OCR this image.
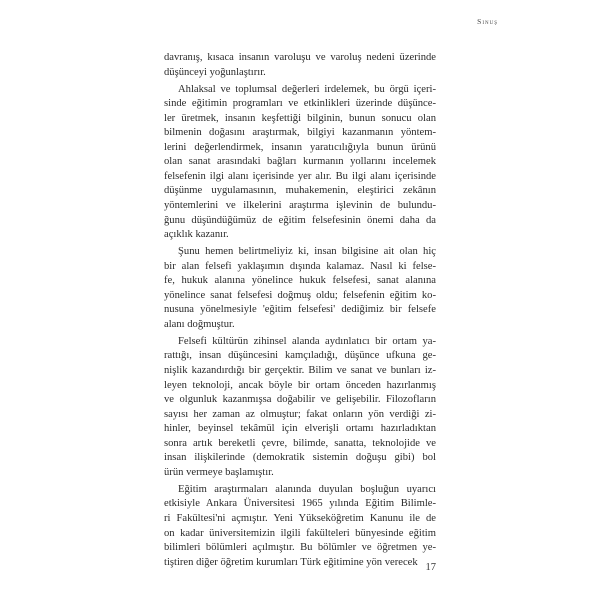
Sınuş
davranış, kısaca insanın varoluşu ve varoluş nedeni üzerinde
düşünceyi yoğunlaştırır.
Ahlaksal ve toplumsal değerleri irdelemek, bu örgü içeri-
sinde eğitimin programları ve etkinlikleri üzerinde düşünce-
ler üretmek, insanın keşfettiği bilginin, bunun sonucu olan
bilmenin doğasını araştırmak, bilgiyi kazanmanın yöntem-
lerini değerlendirmek, insanın yaratıcılığıyla bunun ürünü
olan sanat arasındaki bağları kurmanın yollarını incelemek
felsefenin ilgi alanı içerisinde yer alır. Bu ilgi alanı içerisinde
düşünme uygulamasının, muhakemenin, eleştirici zekânın
yöntemlerini ve ilkelerini araştırma işlevinin de bulundu-
ğunu düşündüğümüz de eğitim felsefesinin önemi daha da
açıklık kazanır.
Şunu hemen belirtmeliyiz ki, insan bilgisine ait olan hiç
bir alan felsefi yaklaşımın dışında kalamaz. Nasıl ki felse-
fe, hukuk alanına yönelince hukuk felsefesi, sanat alanına
yönelince sanat felsefesi doğmuş oldu; felsefenin eğitim ko-
nusuna yönelmesiyle 'eğitim felsefesi' dediğimiz bir felsefe
alanı doğmuştur.
Felsefi kültürün zihinsel alanda aydınlatıcı bir ortam ya-
rattığı, insan düşüncesini kamçıladığı, düşünce ufkuna ge-
nişlik kazandırdığı bir gerçektir. Bilim ve sanat ve bunları iz-
leyen teknoloji, ancak böyle bir ortam önceden hazırlanmış
ve olgunluk kazanmışsa doğabilir ve gelişebilir. Filozofların
sayısı her zaman az olmuştur; fakat onların yön verdiği zi-
hinler, beyinsel tekâmül için elverişli ortamı hazırladıktan
sonra artık bereketli çevre, bilimde, sanatta, teknolojide ve
insan ilişkilerinde (demokratik sistemin doğuşu gibi) bol
ürün vermeye başlamıştır.
Eğitim araştırmaları alanında duyulan boşluğun uyarıcı
etkisiyle Ankara Üniversitesi 1965 yılında Eğitim Bilimle-
ri Fakültesi'ni açmıştır. Yeni Yükseköğretim Kanunu ile de
on kadar üniversitemizin ilgili fakülteleri bünyesinde eğitim
bilimleri bölümleri açılmıştır. Bu bölümler ve öğretmen ye-
tiştiren diğer öğretim kurumları Türk eğitimine yön verecek 17
